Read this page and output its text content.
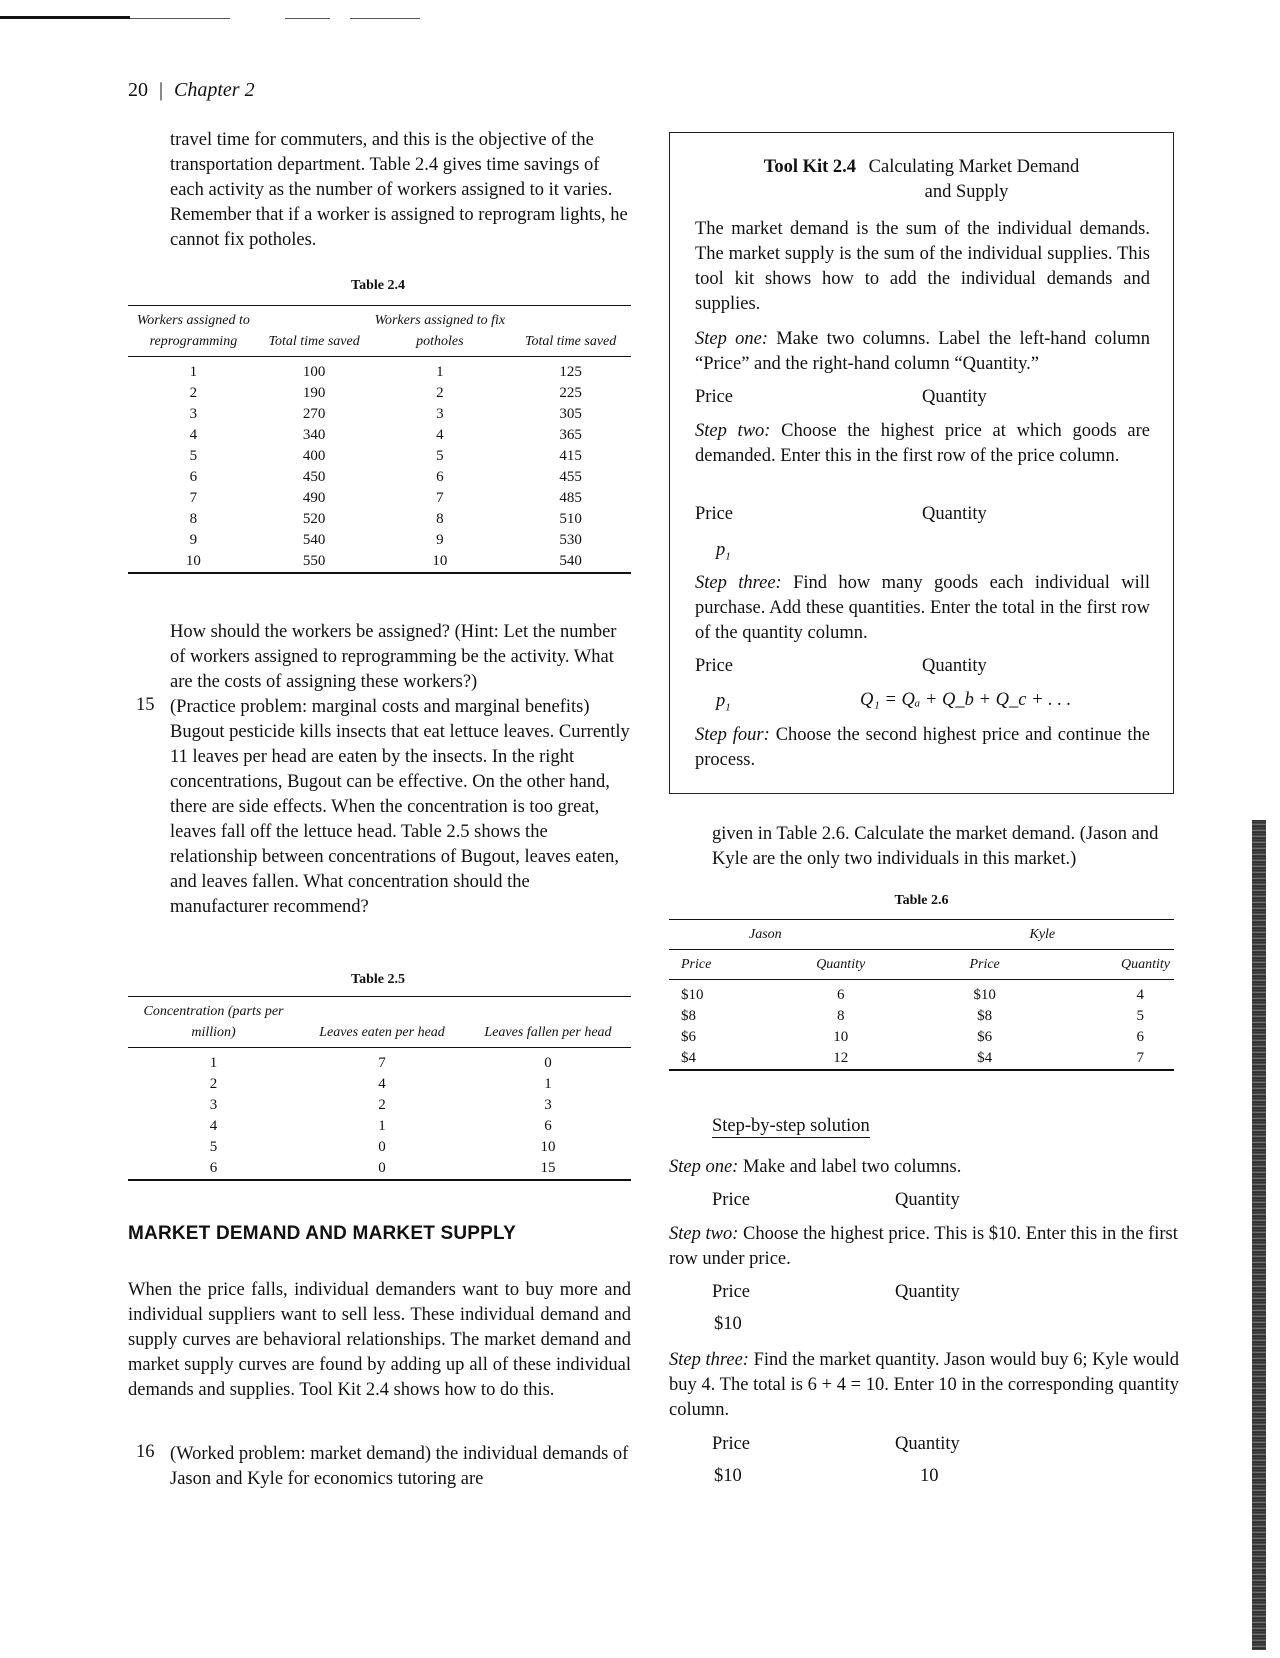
20 | Chapter 2
travel time for commuters, and this is the objective of the transportation department. Table 2.4 gives time savings of each activity as the number of workers assigned to it varies. Remember that if a worker is assigned to reprogram lights, he cannot fix potholes.
Table 2.4
Workers assigned to reprogramming	Total time saved	Workers assigned to fix potholes	Total time saved
1	100	1	125
2	190	2	225
3	270	3	305
4	340	4	365
5	400	5	415
6	450	6	455
7	490	7	485
8	520	8	510
9	540	9	530
10	550	10	540
How should the workers be assigned? (Hint: Let the number of workers assigned to reprogramming be the activity. What are the costs of assigning these workers?)
15 (Practice problem: marginal costs and marginal benefits) Bugout pesticide kills insects that eat lettuce leaves. Currently 11 leaves per head are eaten by the insects. In the right concentrations, Bugout can be effective. On the other hand, there are side effects. When the concentration is too great, leaves fall off the lettuce head. Table 2.5 shows the relationship between concentrations of Bugout, leaves eaten, and leaves fallen. What concentration should the manufacturer recommend?
Table 2.5
Concentration (parts per million)	Leaves eaten per head	Leaves fallen per head
1	7	0
2	4	1
3	2	3
4	1	6
5	0	10
6	0	15
MARKET DEMAND AND MARKET SUPPLY
When the price falls, individual demanders want to buy more and individual suppliers want to sell less. These individual demand and supply curves are behavioral relationships. The market demand and market supply curves are found by adding up all of these individual demands and supplies. Tool Kit 2.4 shows how to do this.
16 (Worked problem: market demand) the individual demands of Jason and Kyle for economics tutoring are
Tool Kit 2.4 Calculating Market Demand
and Supply
The market demand is the sum of the individual demands. The market supply is the sum of the individual supplies. This tool kit shows how to add the individual demands and supplies.
Step one: Make two columns. Label the left-hand column “Price” and the right-hand column “Quantity.”
Price	Quantity
Step two: Choose the highest price at which goods are demanded. Enter this in the first row of the price column.
Price	Quantity
$p_1$
Step three: Find how many goods each individual will purchase. Add these quantities. Enter the total in the first row of the quantity column.
Price	Quantity
$p_1$	Q₁ = Qₐ + Q_b + Q_c + . . .
Step four: Choose the second highest price and continue the process.
given in Table 2.6. Calculate the market demand. (Jason and Kyle are the only two individuals in this market.)
Table 2.6
Jason		Kyle	
Price	Quantity	Price	Quantity
$10	6	$10	4
$8	8	$8	5
$6	10	$6	6
$4	12	$4	7
Step-by-step solution
Step one: Make and label two columns.
Price	Quantity
Step two: Choose the highest price. This is $10. Enter this in the first row under price.
Price	Quantity
$10
Step three: Find the market quantity. Jason would buy 6; Kyle would buy 4. The total is 6 + 4 = 10. Enter 10 in the corresponding quantity column.
Price	Quantity
$10	10
